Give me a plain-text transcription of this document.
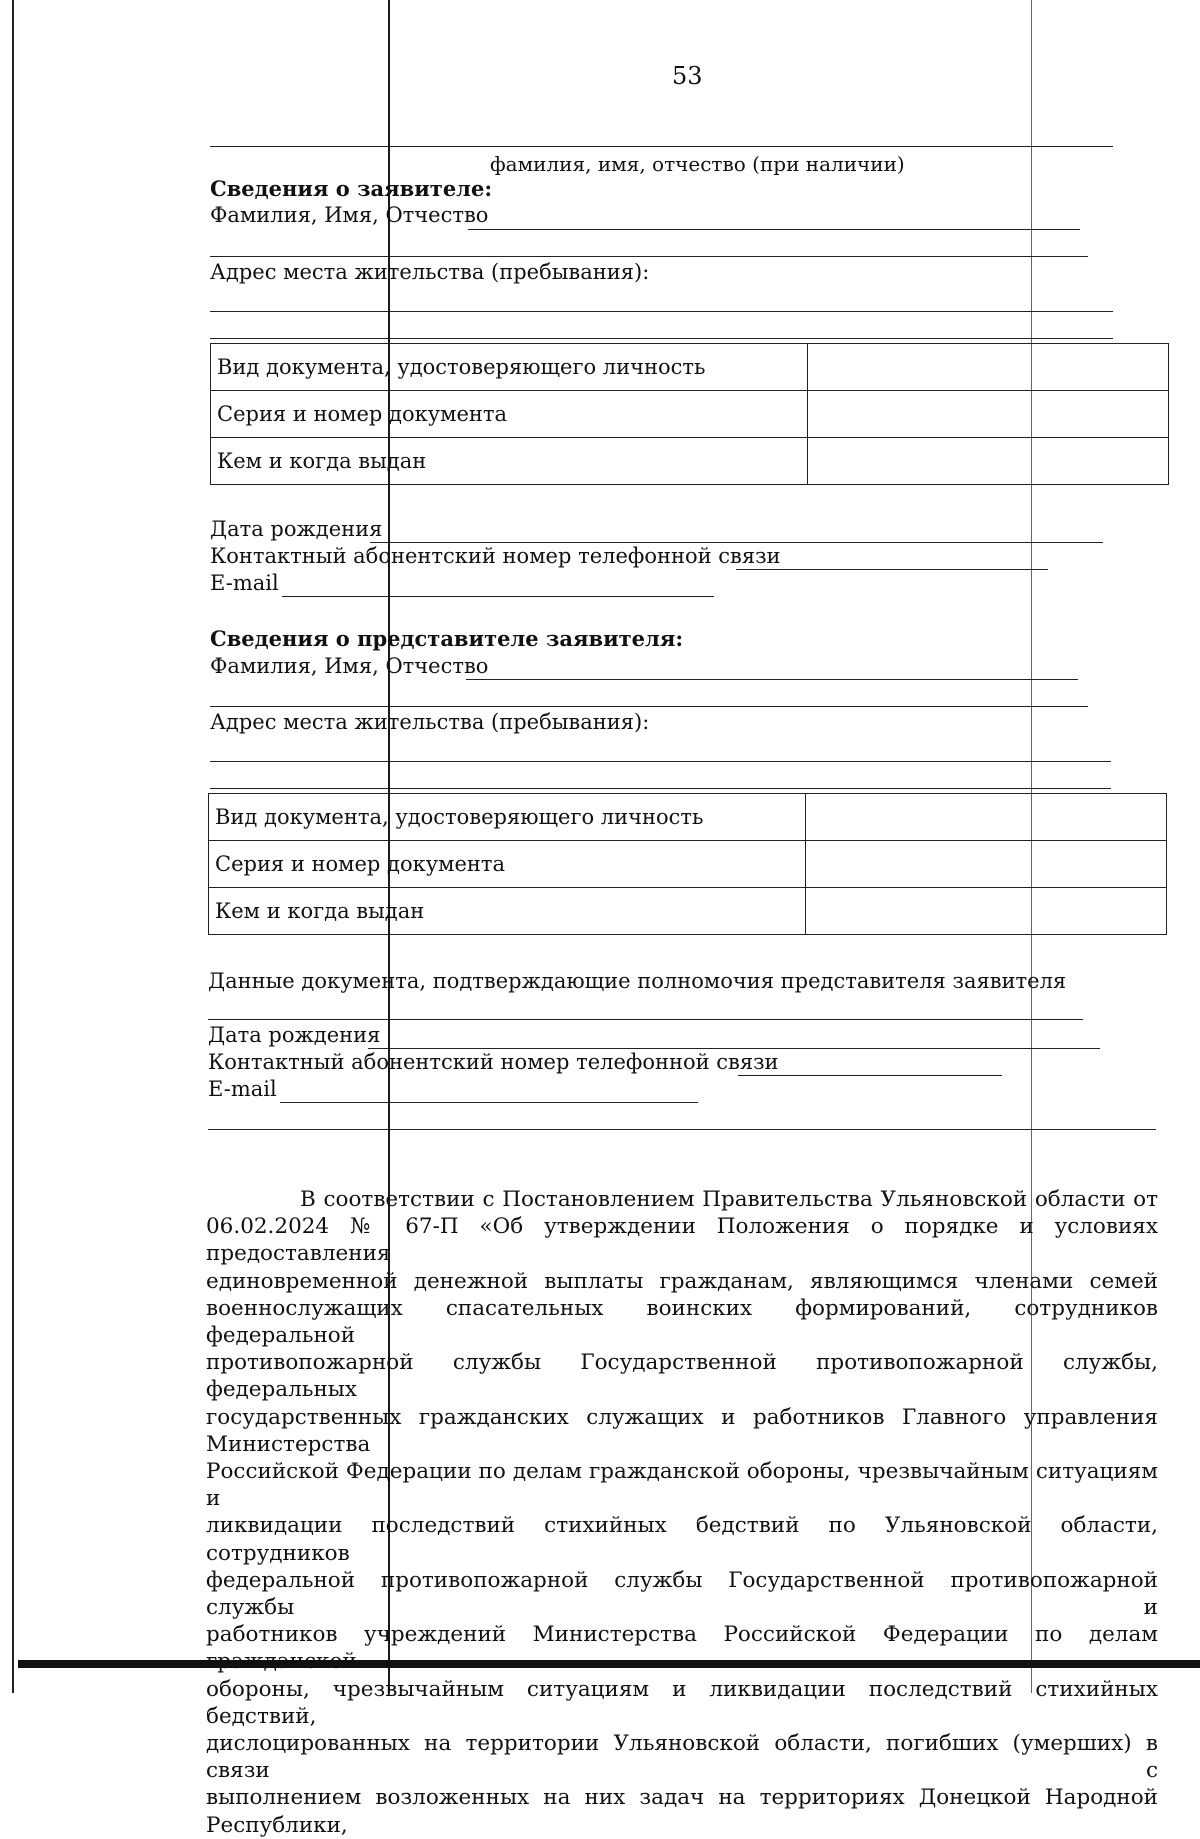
53
фамилия, имя, отчество (при наличии)
Сведения о заявителе:
Фамилия, Имя, Отчество
Адрес места жительства (пребывания):
Вид документа, удостоверяющего личность	
Серия и номер документа	
Кем и когда выдан	
Дата рождения
Контактный абонентский номер телефонной связи
E-mail
Сведения о представителе заявителя:
Фамилия, Имя, Отчество
Адрес места жительства (пребывания):
Вид документа, удостоверяющего личность	
Серия и номер документа	
Кем и когда выдан	
Данные документа, подтверждающие полномочия представителя заявителя
Дата рождения
Контактный абонентский номер телефонной связи
E-mail
В соответствии с Постановлением Правительства Ульяновской области от
06.02.2024 № 67-П «Об утверждении Положения о порядке и условиях предоставления
единовременной денежной выплаты гражданам, являющимся членами семей
военнослужащих спасательных воинских формирований, сотрудников федеральной
противопожарной службы Государственной противопожарной службы, федеральных
государственных гражданских служащих и работников Главного управления Министерства
Российской Федерации по делам гражданской обороны, чрезвычайным ситуациям и
ликвидации последствий стихийных бедствий по Ульяновской области, сотрудников
федеральной противопожарной службы Государственной противопожарной службы и
работников учреждений Министерства Российской Федерации по делам гражданской
обороны, чрезвычайным ситуациям и ликвидации последствий стихийных бедствий,
дислоцированных на территории Ульяновской области, погибших (умерших) в связи с
выполнением возложенных на них задач на территориях Донецкой Народной Республики,
